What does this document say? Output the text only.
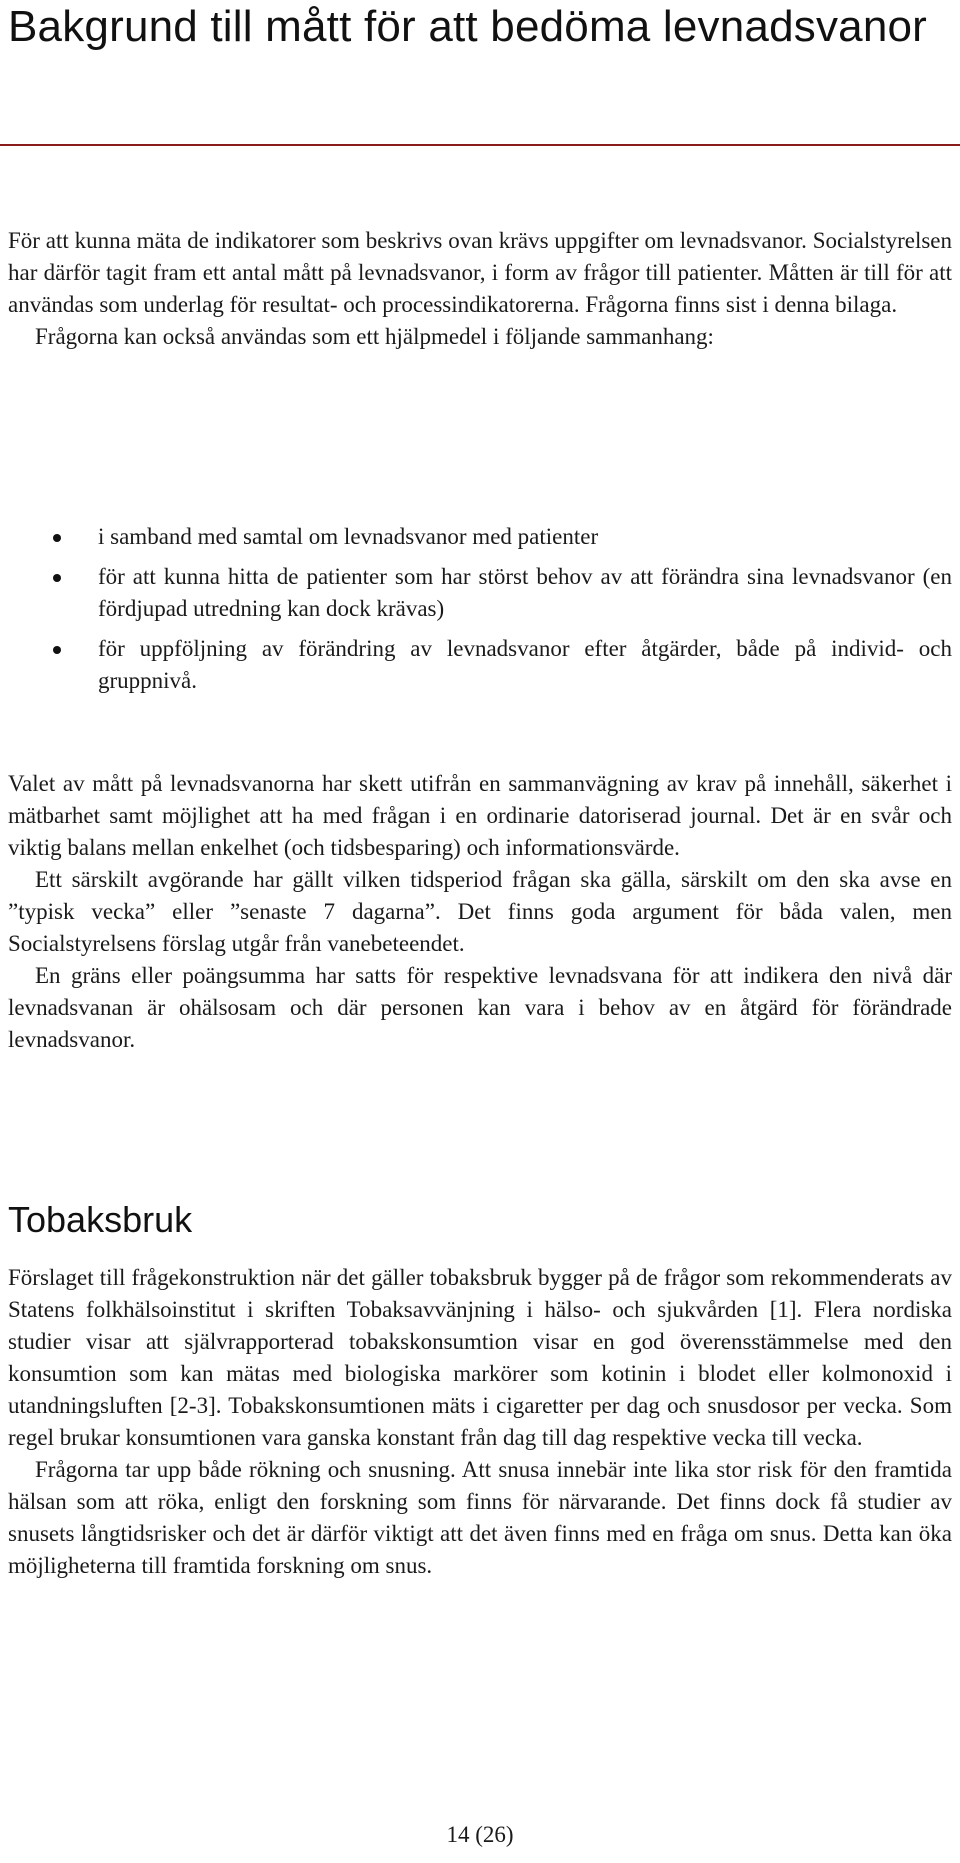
Bakgrund till mått för att bedöma levnadsvanor

För att kunna mäta de indikatorer som beskrivs ovan krävs uppgifter om levnadsvanor. Socialstyrelsen har därför tagit fram ett antal mått på levnadsvanor, i form av frågor till patienter. Måtten är till för att användas som underlag för resultat- och processindikatorerna. Frågorna finns sist i denna bilaga.

Frågorna kan också användas som ett hjälpmedel i följande sammanhang:

i samband med samtal om levnadsvanor med patienter
för att kunna hitta de patienter som har störst behov av att förändra sina levnadsvanor (en fördjupad utredning kan dock krävas)
för uppföljning av förändring av levnadsvanor efter åtgärder, både på individ- och gruppnivå.

Valet av mått på levnadsvanorna har skett utifrån en sammanvägning av krav på innehåll, säkerhet i mätbarhet samt möjlighet att ha med frågan i en ordinarie datoriserad journal. Det är en svår och viktig balans mellan enkelhet (och tidsbesparing) och informationsvärde.

Ett särskilt avgörande har gällt vilken tidsperiod frågan ska gälla, särskilt om den ska avse en ”typisk vecka” eller ”senaste 7 dagarna”. Det finns goda argument för båda valen, men Socialstyrelsens förslag utgår från vanebeteendet.

En gräns eller poängsumma har satts för respektive levnadsvana för att indikera den nivå där levnadsvanan är ohälsosam och där personen kan vara i behov av en åtgärd för förändrade levnadsvanor.

Tobaksbruk

Förslaget till frågekonstruktion när det gäller tobaksbruk bygger på de frågor som rekommenderats av Statens folkhälsoinstitut i skriften Tobaksavvänjning i hälso- och sjukvården [1]. Flera nordiska studier visar att självrapporterad tobakskonsumtion visar en god överensstämmelse med den konsumtion som kan mätas med biologiska markörer som kotinin i blodet eller kolmonoxid i utandningsluften [2-3]. Tobakskonsumtionen mäts i cigaretter per dag och snusdosor per vecka. Som regel brukar konsumtionen vara ganska konstant från dag till dag respektive vecka till vecka.

Frågorna tar upp både rökning och snusning. Att snusa innebär inte lika stor risk för den framtida hälsan som att röka, enligt den forskning som finns för närvarande. Det finns dock få studier av snusets långtidsrisker och det är därför viktigt att det även finns med en fråga om snus. Detta kan öka möjligheterna till framtida forskning om snus.

14 (26)
